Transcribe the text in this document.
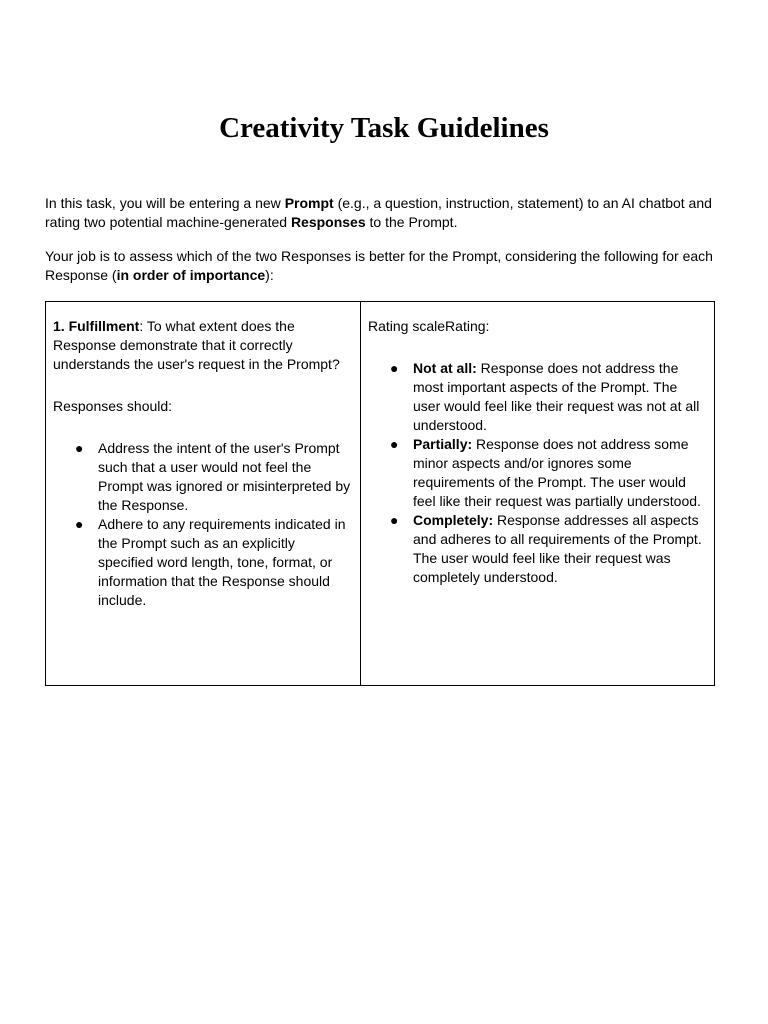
Creativity Task Guidelines

In this task, you will be entering a new Prompt (e.g., a question, instruction, statement) to an AI chatbot and rating two potential machine-generated Responses to the Prompt.

Your job is to assess which of the two Responses is better for the Prompt, considering the following for each Response (in order of importance):

1. Fulfillment: To what extent does the Response demonstrate that it correctly understands the user's request in the Prompt?

Responses should:

● Address the intent of the user's Prompt such that a user would not feel the Prompt was ignored or misinterpreted by the Response.
● Adhere to any requirements indicated in the Prompt such as an explicitly specified word length, tone, format, or information that the Response should include.

Rating scaleRating:

● Not at all: Response does not address the most important aspects of the Prompt. The user would feel like their request was not at all understood.
● Partially: Response does not address some minor aspects and/or ignores some requirements of the Prompt. The user would feel like their request was partially understood.
● Completely: Response addresses all aspects and adheres to all requirements of the Prompt. The user would feel like their request was completely understood.
